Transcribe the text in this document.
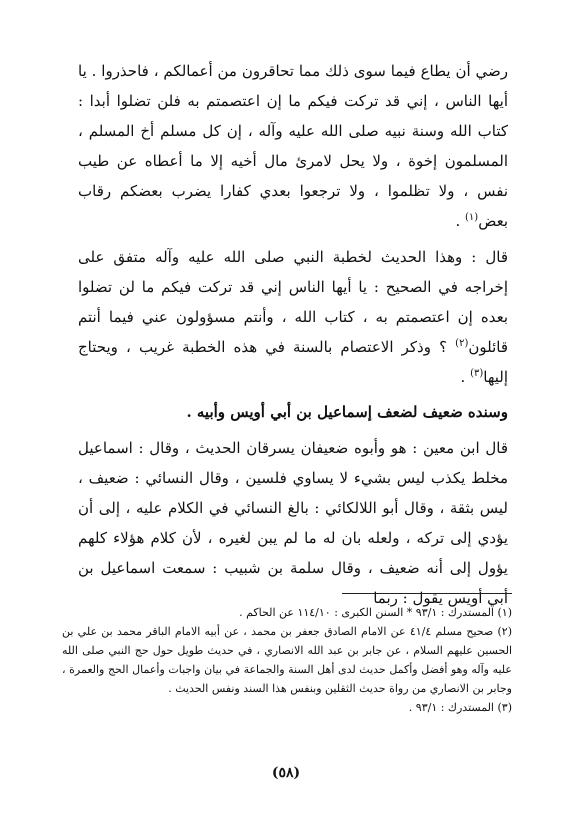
رضي أن يطاع فيما سوى ذلك مما تحاقرون من أعمالكم ، فاحذروا . يا أيها الناس ، إني قد تركت فيكم ما إن اعتصمتم به فلن تضلوا أبدا : كتاب الله وسنة نبيه صلى الله عليه وآله ، إن كل مسلم أخ المسلم ، المسلمون إخوة ، ولا يحل لامرئ مال أخيه إلا ما أعطاه عن طيب نفس ، ولا تظلموا ، ولا ترجعوا بعدي كفارا يضرب بعضكم رقاب بعض$^{(١)}$ .

قال : وهذا الحديث لخطبة النبي صلى الله عليه وآله متفق على إخراجه في الصحيح : يا أيها الناس إني قد تركت فيكم ما لن تضلوا بعده إن اعتصمتم به ، كتاب الله ، وأنتم مسؤولون عني فيما أنتم قائلون$^{(٢)}$ ؟ وذكر الاعتصام بالسنة في هذه الخطبة غريب ، ويحتاج إليها$^{(٣)}$ .

وسنده ضعيف لضعف إسماعيل بن أبي أويس وأبيه .

قال ابن معين : هو وأبوه ضعيفان يسرقان الحديث ، وقال : اسماعيل مخلط يكذب ليس بشيء لا يساوي فلسين ، وقال النسائي : ضعيف ، ليس بثقة ، وقال أبو اللالكائي : بالغ النسائي في الكلام عليه ، إلى أن يؤدي إلى تركه ، ولعله بان له ما لم يبن لغيره ، لأن كلام هؤلاء كلهم يؤول إلى أنه ضعيف ، وقال سلمة بن شبيب : سمعت اسماعيل بن أبي أويس يقول : ربما

(١) المستدرك : ٩٣/١ * السنن الكبرى : ١١٤/١٠ عن الحاكم .
(٢) صحيح مسلم ٤١/٤ عن الامام الصادق جعفر بن محمد ، عن أبيه الامام الباقر محمد بن علي بن الحسين عليهم السلام ، عن جابر بن عبد الله الانصاري ، في حديث طويل حول حج النبي صلى الله عليه وآله وهو أفضل وأكمل حديث لدى أهل السنة والجماعة في بيان واجبات وأعمال الحج والعمرة ، وجابر بن الانصاري من رواة حديث الثقلين وبنفس هذا السند ونفس الحديث .
(٣) المستدرك : ٩٣/١ .
(٥٨)
